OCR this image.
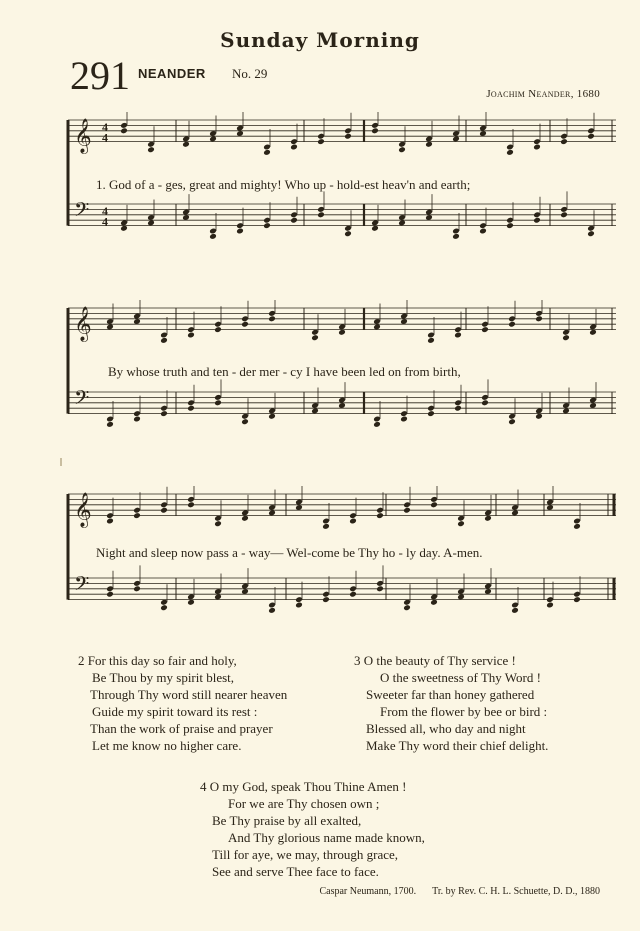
Sunday Morning
291 NEANDER No. 29
Joachim Neander, 1680
𝄞 4
4
𝄢 4
4
1. God of a - ges, great and mighty! Who up - hold-est heav'n and earth;
𝄞
𝄢
By whose truth and ten - der mer - cy I have been led on from birth,
𝄞
𝄢
Night and sleep now pass a - way— Wel-come be Thy ho - ly day. A-men.
2 For this day so fair and holy,
Be Thou by my spirit blest,
Through Thy word still nearer heaven
Guide my spirit toward its rest :
Than the work of praise and prayer
Let me know no higher care.
3 O the beauty of Thy service !
O the sweetness of Thy Word !
Sweeter far than honey gathered
From the flower by bee or bird :
Blessed all, who day and night
Make Thy word their chief delight.
4 O my God, speak Thou Thine Amen !
For we are Thy chosen own ;
Be Thy praise by all exalted,
And Thy glorious name made known,
Till for aye, we may, through grace,
See and serve Thee face to face.
Caspar Neumann, 1700. Tr. by Rev. C. H. L. Schuette, D. D., 1880
